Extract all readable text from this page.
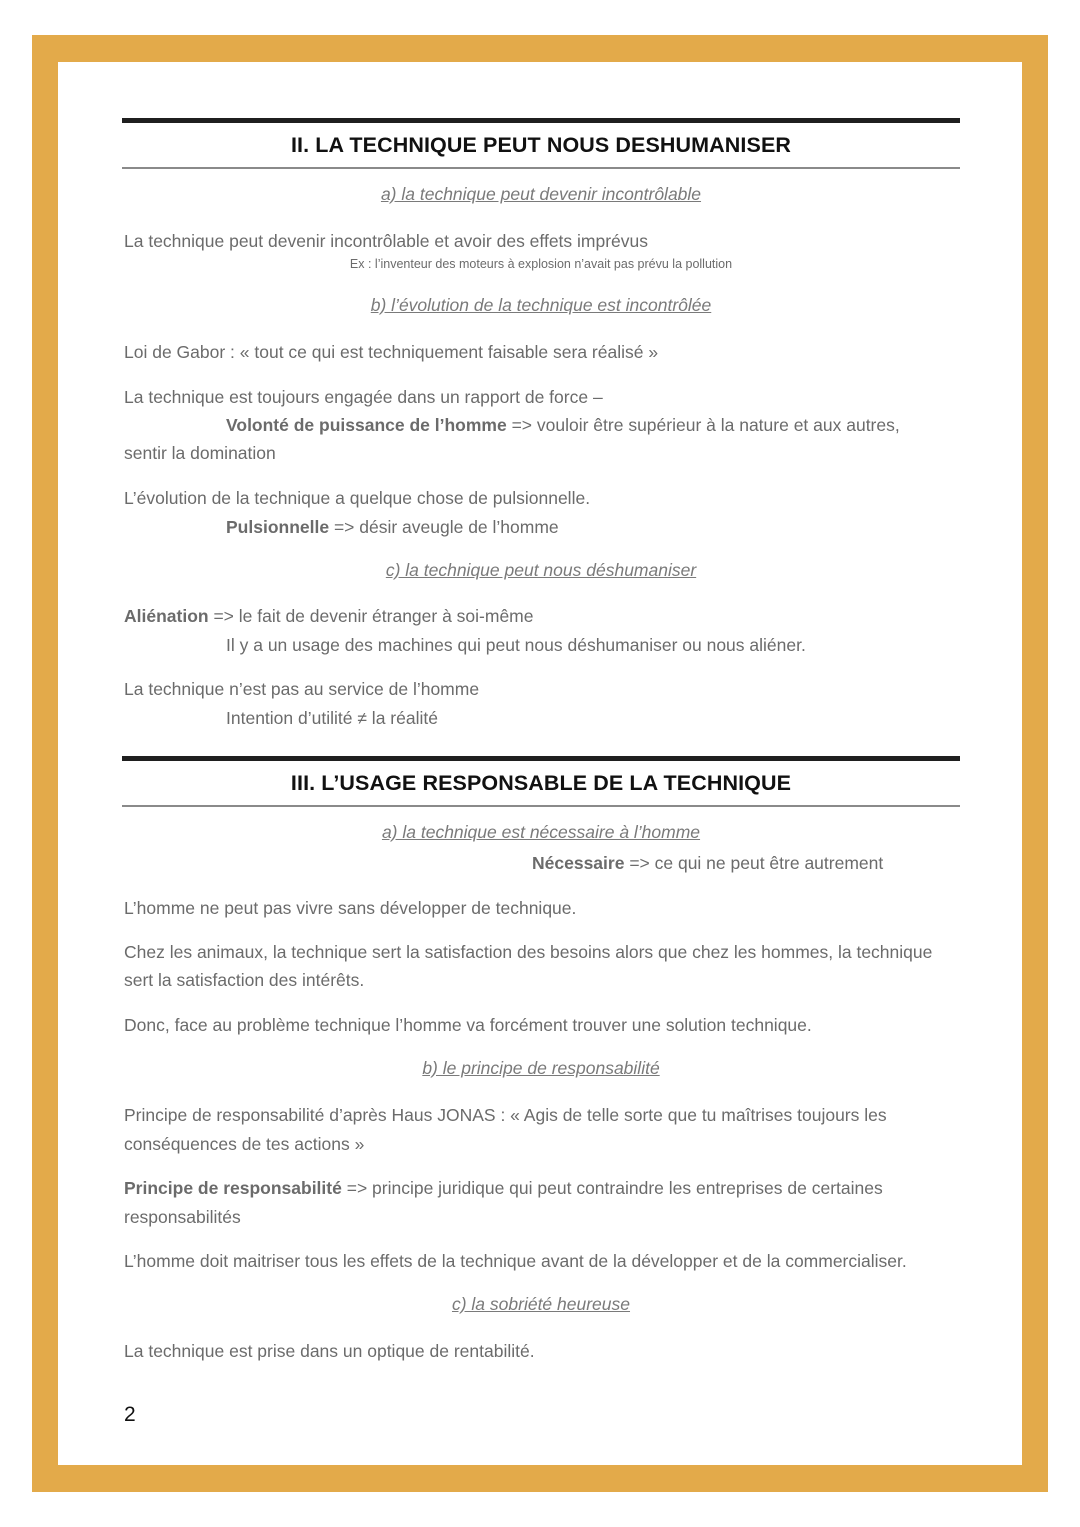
II. LA TECHNIQUE PEUT NOUS DESHUMANISER
a) la technique peut devenir incontrôlable
La technique peut devenir incontrôlable et avoir des effets imprévus
Ex : l’inventeur des moteurs à explosion n’avait pas prévu la pollution
b) l’évolution de la technique est incontrôlée
Loi de Gabor : « tout ce qui est techniquement faisable sera réalisé »
La technique est toujours engagée dans un rapport de force –
Volonté de puissance de l’homme => vouloir être supérieur à la nature et aux autres,
sentir la domination
L’évolution de la technique a quelque chose de pulsionnelle.
Pulsionnelle => désir aveugle de l’homme
c) la technique peut nous déshumaniser
Aliénation => le fait de devenir étranger à soi-même
Il y a un usage des machines qui peut nous déshumaniser ou nous aliéner.
La technique n’est pas au service de l’homme
Intention d’utilité ≠ la réalité
III. L’USAGE RESPONSABLE DE LA TECHNIQUE
a) la technique est nécessaire à l’homme
Nécessaire => ce qui ne peut être autrement
L’homme ne peut pas vivre sans développer de technique.
Chez les animaux, la technique sert la satisfaction des besoins alors que chez les hommes, la technique
sert la satisfaction des intérêts.
Donc, face au problème technique l’homme va forcément trouver une solution technique.
b) le principe de responsabilité
Principe de responsabilité d’après Haus JONAS : « Agis de telle sorte que tu maîtrises toujours les
conséquences de tes actions »
Principe de responsabilité => principe juridique qui peut contraindre les entreprises de certaines
responsabilités
L’homme doit maitriser tous les effets de la technique avant de la développer et de la commercialiser.
c) la sobriété heureuse
La technique est prise dans un optique de rentabilité.
2
